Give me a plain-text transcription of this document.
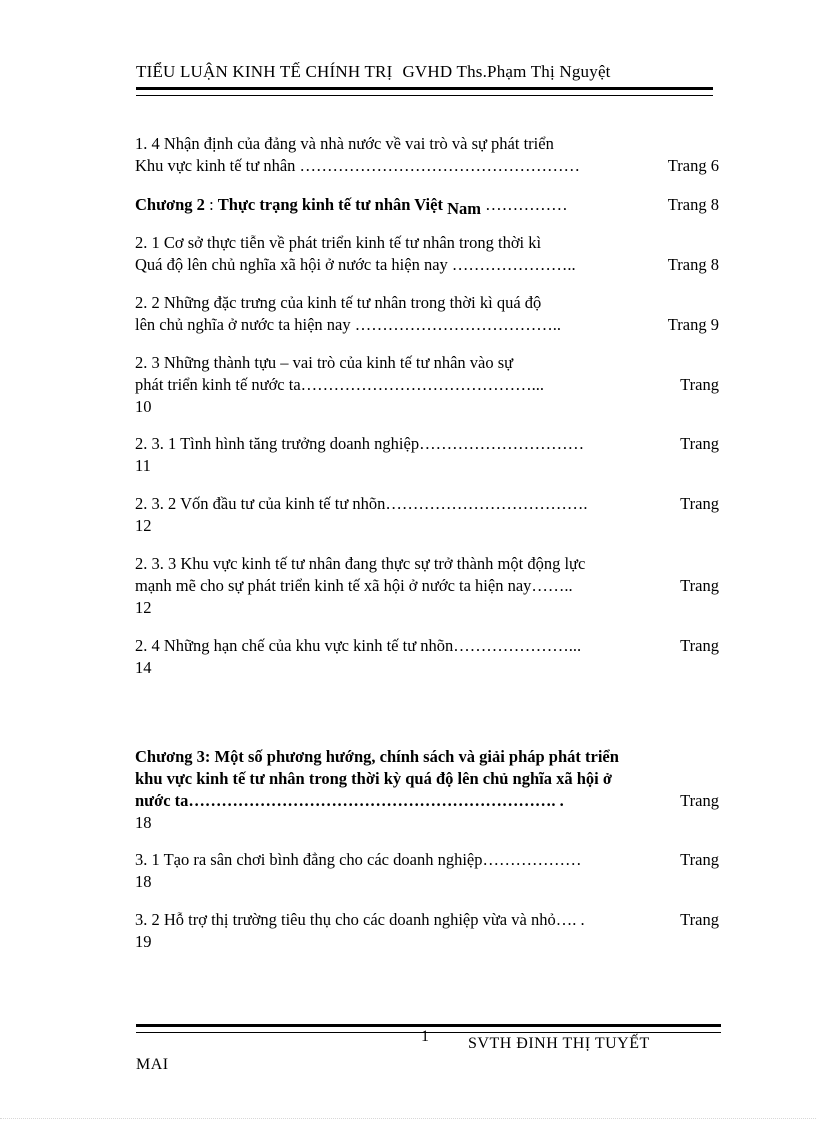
TIỂU LUẬN KINH TẾ CHÍNH TRỊ GVHD Ths.Phạm Thị Nguyệt
1. 4 Nhận định của đảng và nhà nước về vai trò và sự phát triển
Khu vực kinh tế tư nhân ……………………………………………	Trang 6
Chương 2 : Thực trạng kinh tế tư nhân Việt Nam ……………	Trang 8
2. 1 Cơ sở thực tiễn về phát triển kinh tế tư nhân trong thời kì
Quá độ lên chủ nghĩa xã hội ở nước ta hiện nay …………………..	Trang 8
2. 2 Những đặc trưng của kinh tế tư nhân trong thời kì quá độ
lên chủ nghĩa ở nước ta hiện nay ………………………………..	Trang 9
2. 3 Những thành tựu – vai trò của kinh tế tư nhân vào sự
phát triển kinh tế nước ta……………………………………...	Trang
10
2. 3. 1 Tình hình tăng trưởng doanh nghiệp…………………………	Trang
11
2. 3. 2 Vốn đầu tư của kinh tế tư nhõn……………………………….	Trang
12
2. 3. 3 Khu vực kinh tế tư nhân đang thực sự trở thành một động lực
mạnh mẽ cho sự phát triển kinh tế xã hội ở nước ta hiện nay……..	Trang
12
2. 4 Những hạn chế của khu vực kinh tế tư nhõn…………………...	Trang
14
Chương 3: Một số phương hướng, chính sách và giải pháp phát triển
khu vực kinh tế tư nhân trong thời kỳ quá độ lên chủ nghĩa xã hội ở
nước ta…………………………………………………………. .	Trang
18
3. 1 Tạo ra sân chơi bình đẳng cho các doanh nghiệp………………	Trang
18
3. 2 Hỗ trợ thị trường tiêu thụ cho các doanh nghiệp vừa và nhỏ…. .	Trang
19
1 SVTH ĐINH THỊ TUYẾT
MAI
